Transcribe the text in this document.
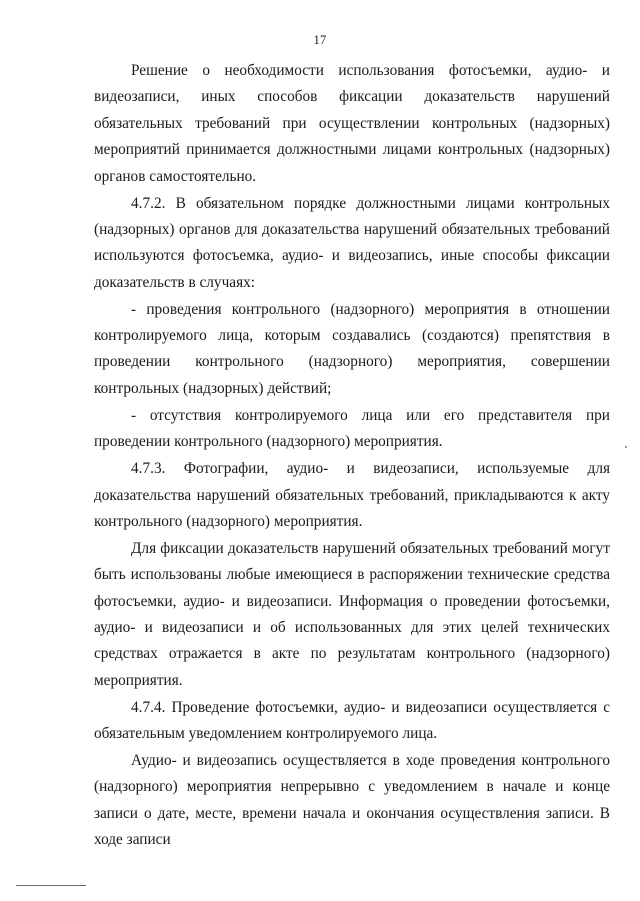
17

Решение о необходимости использования фотосъемки, аудио- и видеозаписи, иных способов фиксации доказательств нарушений обязательных требований при осуществлении контрольных (надзорных) мероприятий принимается должностными лицами контрольных (надзорных) органов самостоятельно.

4.7.2. В обязательном порядке должностными лицами контрольных (надзорных) органов для доказательства нарушений обязательных требований используются фотосъемка, аудио- и видеозапись, иные способы фиксации доказательств в случаях:

- проведения контрольного (надзорного) мероприятия в отношении контролируемого лица, которым создавались (создаются) препятствия в проведении контрольного (надзорного) мероприятия, совершении контрольных (надзорных) действий;

- отсутствия контролируемого лица или его представителя при проведении контрольного (надзорного) мероприятия.

4.7.3. Фотографии, аудио- и видеозаписи, используемые для доказательства нарушений обязательных требований, прикладываются к акту контрольного (надзорного) мероприятия.

Для фиксации доказательств нарушений обязательных требований могут быть использованы любые имеющиеся в распоряжении технические средства фотосъемки, аудио- и видеозаписи. Информация о проведении фотосъемки, аудио- и видеозаписи и об использованных для этих целей технических средствах отражается в акте по результатам контрольного (надзорного) мероприятия.

4.7.4. Проведение фотосъемки, аудио- и видеозаписи осуществляется с обязательным уведомлением контролируемого лица.

Аудио- и видеозапись осуществляется в ходе проведения контрольного (надзорного) мероприятия непрерывно с уведомлением в начале и конце записи о дате, месте, времени начала и окончания осуществления записи. В ходе записи
